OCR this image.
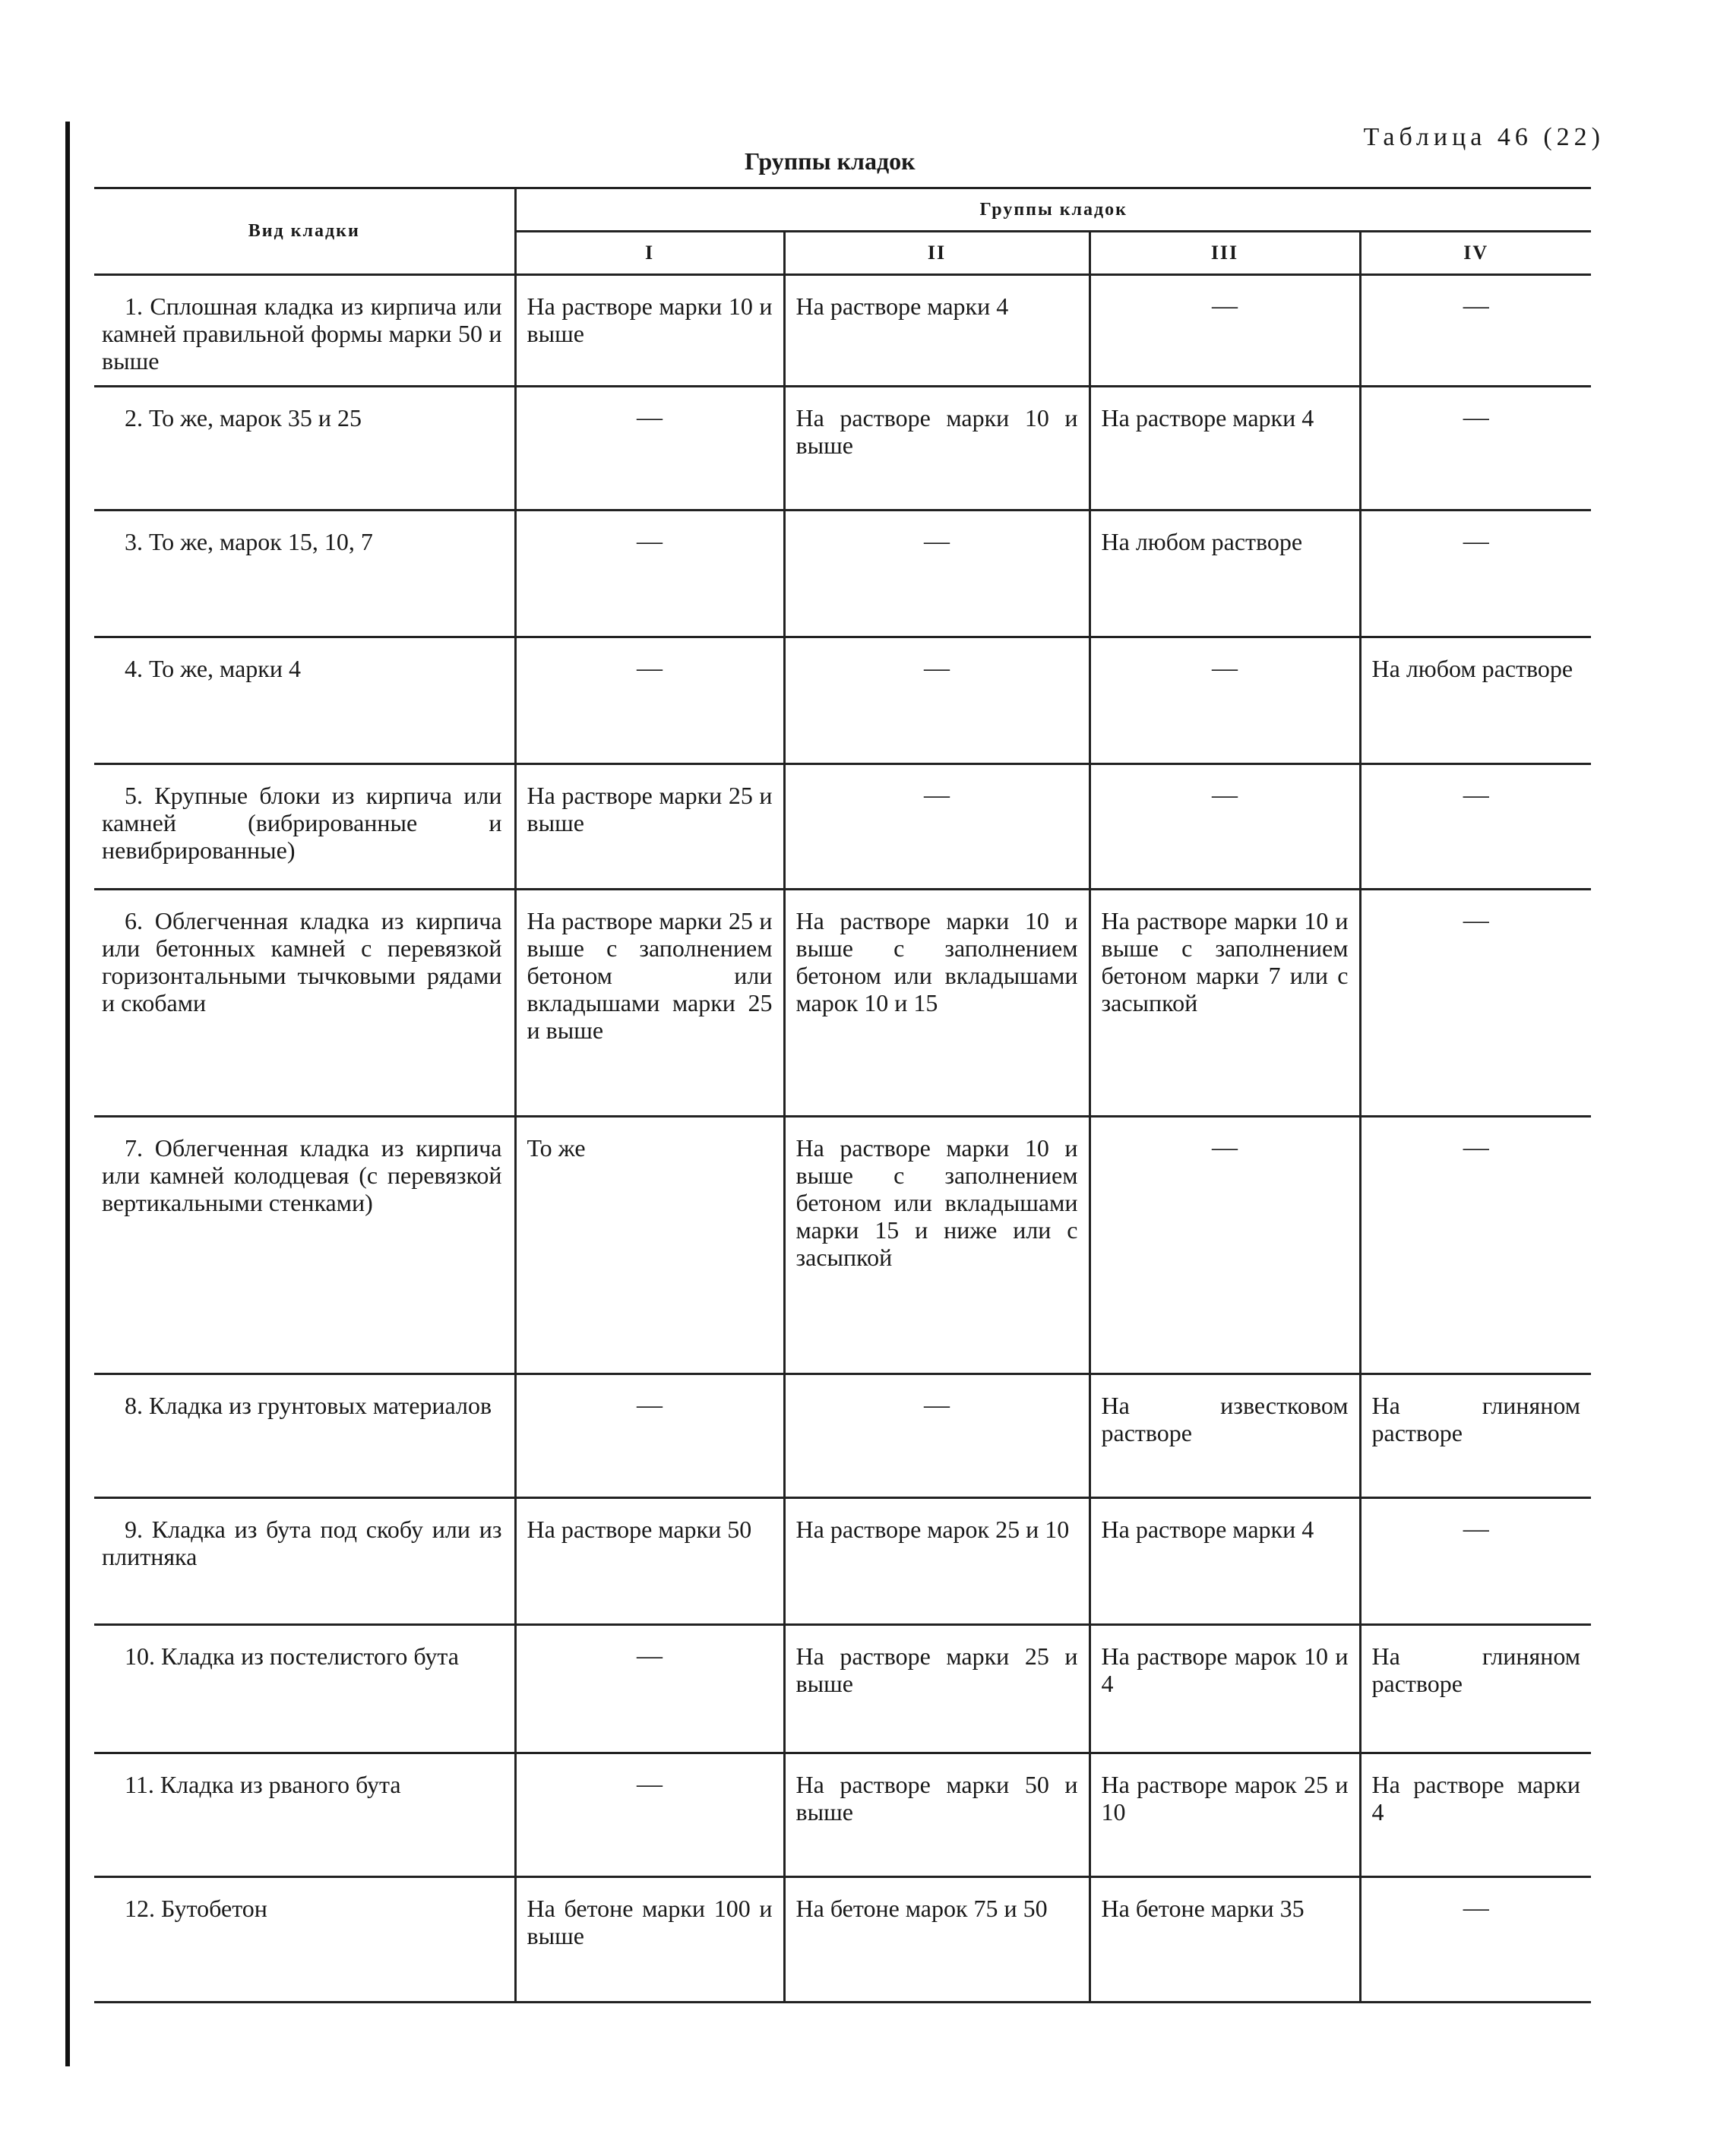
Таблица 46 (22)
Группы кладок
Вид кладки	Группы кладок			
	I	II	III	IV
1. Сплошная кладка из кирпича или камней правильной формы марки 50 и выше	На растворе марки 10 и выше	На растворе марки 4	—	—
2. То же, марок 35 и 25	—	На растворе марки 10 и выше	На растворе марки 4	—
3. То же, марок 15, 10, 7	—	—	На любом растворе	—
4. То же, марки 4	—	—	—	На любом растворе
5. Крупные блоки из кирпича или камней (вибрированные и невибрированные)	На растворе марки 25 и выше	—	—	—
6. Облегченная кладка из кирпича или бетонных камней с перевязкой горизонтальными тычковыми рядами и скобами	На растворе марки 25 и выше с заполнением бетоном или вкладышами марки 25 и выше	На растворе марки 10 и выше с заполнением бетоном или вкладышами марок 10 и 15	На растворе марки 10 и выше с заполнением бетоном марки 7 или с засыпкой	—
7. Облегченная кладка из кирпича или камней колодцевая (с перевязкой вертикальными стенками)	То же	На растворе марки 10 и выше с заполнением бетоном или вкладышами марки 15 и ниже или с засыпкой	—	—
8. Кладка из грунтовых материалов	—	—	На известковом растворе	На глиняном растворе
9. Кладка из бута под скобу или из плитняка	На растворе марки 50	На растворе марок 25 и 10	На растворе марки 4	—
10. Кладка из постелистого бута	—	На растворе марки 25 и выше	На растворе марок 10 и 4	На глиняном растворе
11. Кладка из рваного бута	—	На растворе марки 50 и выше	На растворе марок 25 и 10	На растворе марки 4
12. Бутобетон	На бетоне марки 100 и выше	На бетоне марок 75 и 50	На бетоне марки 35	—
